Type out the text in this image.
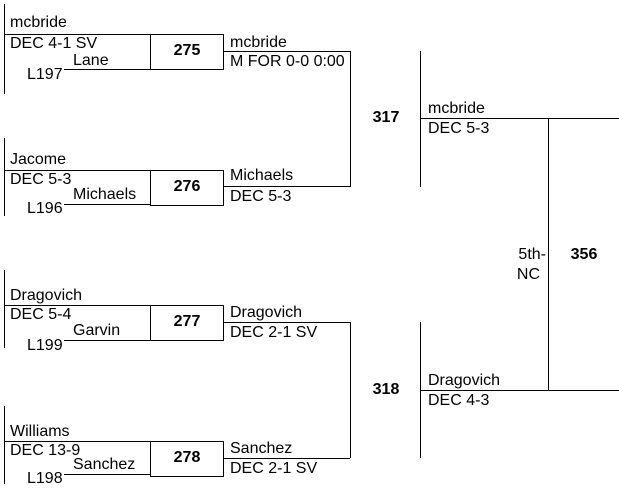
mcbride
DEC 4-1 SV
L197
Lane
275	mcbride
M FOR 0-0 0:00
Jacome
DEC 5-3
L196
Michaels	276
Michaels
DEC 5-3
317
mcbride
DEC 5-3
Dragovich
DEC 5-4
L199
Garvin
277
Dragovich
DEC 2-1 SV
Williams
DEC 13-9
L198
Sanchez	278
Sanchez
DEC 2-1 SV
318
Dragovich
DEC 4-3
5th-
NC
356
